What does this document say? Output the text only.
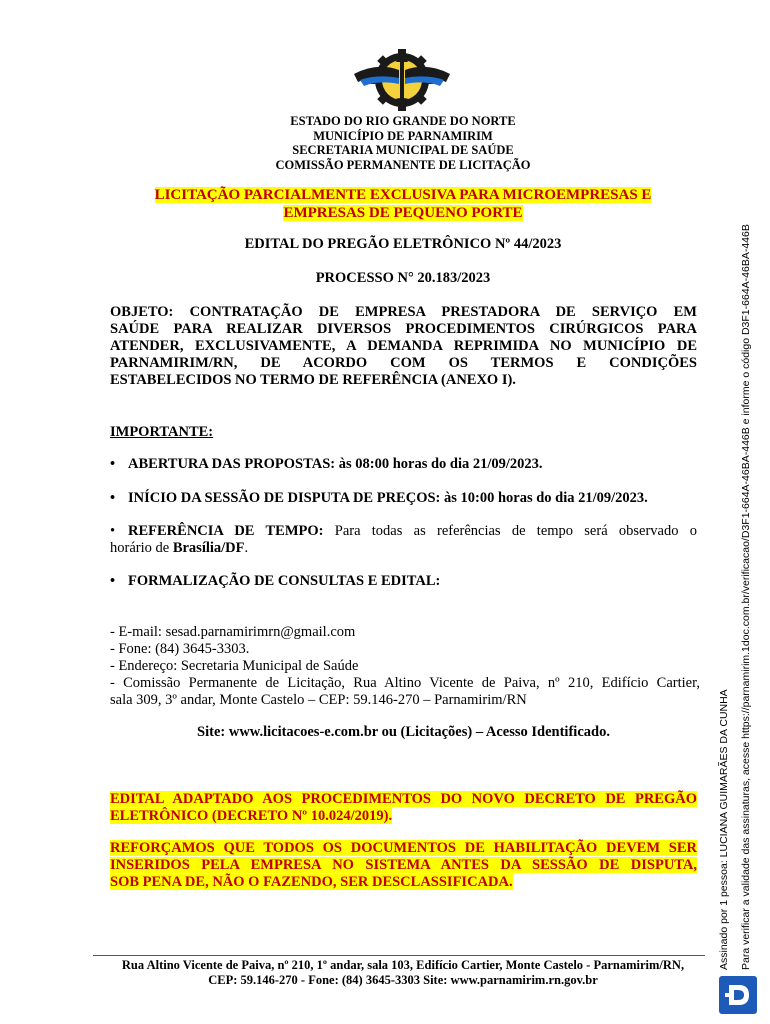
ESTADO DO RIO GRANDE DO NORTE
MUNICÍPIO DE PARNAMIRIM
SECRETARIA MUNICIPAL DE SAÚDE
COMISSÃO PERMANENTE DE LICITAÇÃO
LICITAÇÃO PARCIALMENTE EXCLUSIVA PARA MICROEMPRESAS E
EMPRESAS DE PEQUENO PORTE
EDITAL DO PREGÃO ELETRÔNICO Nº 44/2023
PROCESSO N° 20.183/2023
OBJETO: CONTRATAÇÃO DE EMPRESA PRESTADORA DE SERVIÇO EM
SAÚDE PARA REALIZAR DIVERSOS PROCEDIMENTOS CIRÚRGICOS PARA
ATENDER, EXCLUSIVAMENTE, A DEMANDA REPRIMIDA NO MUNICÍPIO DE
PARNAMIRIM/RN, DE ACORDO COM OS TERMOS E CONDIÇÕES
ESTABELECIDOS NO TERMO DE REFERÊNCIA (ANEXO I).
IMPORTANTE:
• ABERTURA DAS PROPOSTAS: às 08:00 horas do dia 21/09/2023.
• INÍCIO DA SESSÃO DE DISPUTA DE PREÇOS: às 10:00 horas do dia 21/09/2023.
• REFERÊNCIA DE TEMPO: Para todas as referências de tempo será observado o
horário de Brasília/DF.
• FORMALIZAÇÃO DE CONSULTAS E EDITAL:
- E-mail: sesad.parnamirimrn@gmail.com
- Fone: (84) 3645-3303.
- Endereço: Secretaria Municipal de Saúde
- Comissão Permanente de Licitação, Rua Altino Vicente de Paiva, nº 210, Edifício Cartier,
sala 309, 3º andar, Monte Castelo – CEP: 59.146-270 – Parnamirim/RN
Site: www.licitacoes-e.com.br ou (Licitações) – Acesso Identificado.
EDITAL ADAPTADO AOS PROCEDIMENTOS DO NOVO DECRETO DE PREGÃO
ELETRÔNICO (DECRETO Nº 10.024/2019).
REFORÇAMOS QUE TODOS OS DOCUMENTOS DE HABILITAÇÃO DEVEM SER
INSERIDOS PELA EMPRESA NO SISTEMA ANTES DA SESSÃO DE DISPUTA,
SOB PENA DE, NÃO O FAZENDO, SER DESCLASSIFICADA.
Rua Altino Vicente de Paiva, nº 210, 1º andar, sala 103, Edifício Cartier, Monte Castelo - Parnamirim/RN,
CEP: 59.146-270 - Fone: (84) 3645-3303 Site: www.parnamirim.rn.gov.br
Assinado por 1 pessoa: LUCIANA GUIMARÃES DA CUNHA Para verificar a validade das assinaturas, acesse https://parnamirim.1doc.com.br/verificacao/D3F1-664A-46BA-446B e informe o código D3F1-664A-46BA-446B
